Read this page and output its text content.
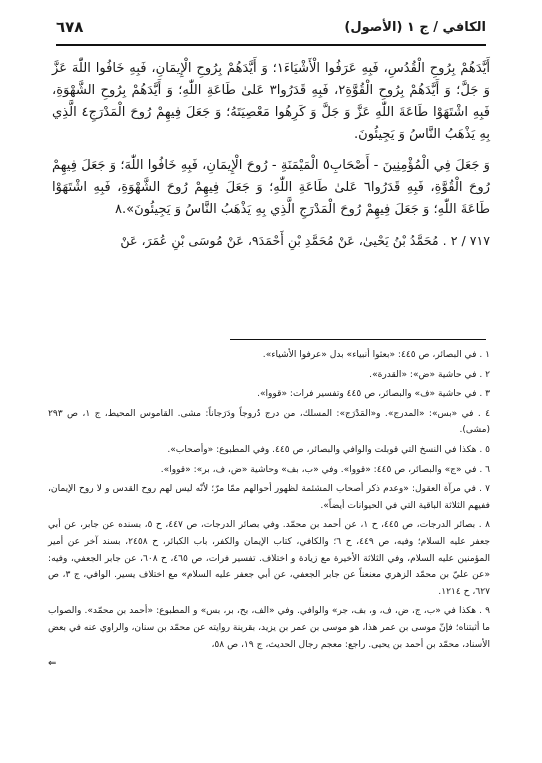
الكافي / ج ١ (الأصول)
٦٧٨

أَيَّدَهُمْ بِرُوحِ الْقُدُسِ، فَبِهِ عَرَفُوا الْأَشْيَاءَ١؛ وَ أَيَّدَهُمْ بِرُوحِ الْإِيمَانِ، فَبِهِ خَافُوا اللّٰهَ عَزَّ وَ جَلَّ؛ وَ أَيَّدَهُمْ بِرُوحِ الْقُوَّةِ٢، فَبِهِ قَدَرُوا٣ عَلىٰ طَاعَةِ اللّٰهِ؛ وَ أَيَّدَهُمْ بِرُوحِ الشَّهْوَةِ، فَبِهِ اشْتَهَوْا طَاعَةَ اللّٰهِ عَزَّ وَ جَلَّ وَ كَرِهُوا مَعْصِيَتَهُ؛ وَ جَعَلَ فِيهِمْ رُوحَ الْمَدْرَجِ٤ الَّذِي بِهِ يَذْهَبُ النَّاسُ وَ يَجِيئُونَ.

وَ جَعَلَ فِي الْمُؤْمِنِينَ - أَصْحَابِ٥ الْمَيْمَنَةِ - رُوحَ الْإِيمَانِ، فَبِهِ خَافُوا اللّٰهَ؛ وَ جَعَلَ فِيهِمْ رُوحَ الْقُوَّةِ، فَبِهِ قَدَرُوا٦ عَلىٰ طَاعَةِ اللّٰهِ؛ وَ جَعَلَ فِيهِمْ رُوحَ الشَّهْوَةِ، فَبِهِ اشْتَهَوْا طَاعَةَ اللّٰهِ؛ وَ جَعَلَ فِيهِمْ رُوحَ الْمَدْرَجِ الَّذِي بِهِ يَذْهَبُ النَّاسُ وَ يَجِيئُونَ».٨

٧١٧ / ٢ . مُحَمَّدُ بْنُ يَحْيىٰ، عَنْ مُحَمَّدِ بْنِ أَحْمَدَ٩، عَنْ مُوسَى بْنِ عُمَرَ، عَنْ
١ . في البصائر، ص ٤٤٥: «بعثوا أنبياء» بدل «عرفوا الأشياء».
٢ . في حاشية «ض»: «القدرة».
٣ . في حاشية «ف» والبصائر، ص ٤٤٥ وتفسير فرات: «قووا».
٤ . في «بس»: «المدرج». و«المَدْرَج»: المسلك، من درج دُروجاً ودَرَجاناً: مشى. القاموس المحيط، ج ١، ص ٢٩٣ (مشى).
٥ . هكذا في النسخ التي قوبلت والوافي والبصائر، ص ٤٤٥. وفي المطبوع: «وأصحاب».
٦ . في «ج» والبصائر، ص ٤٤٥: «قووا». وفي «ب، بف» وحاشية «ض، ف، بر»: «قووا».
٧ . في مرآة العقول: «وعدم ذكر أصحاب المشئمة لظهور أحوالهم ممّا مرّ؛ لأنّه ليس لهم روح القدس و لا روح الإيمان، ففيهم الثلاثة الباقية التي في الحيوانات أيضاً».
٨ . بصائر الدرجات، ص ٤٤٥، ح ١، عن أحمد بن محمّد. وفي بصائر الدرجات، ص ٤٤٧، ح ٥، بسنده عن جابر، عن أبي جعفر عليه السلام؛ وفيه، ص ٤٤٩، ح ٦؛ والكافي، كتاب الإيمان والكفر، باب الكبائر، ح ٢٤٥٨، بسند آخر عن أمير المؤمنين عليه السلام، وفي الثلاثة الأخيرة مع زيادة و اختلاف. تفسير فرات، ص ٤٦٥، ح ٦٠٨، عن جابر الجعفي، وفيه: «عن عليّ بن محمّد الزهري معنعناً عن جابر الجعفي، عن أبي جعفر عليه السلام» مع اختلاف يسير. الوافي، ج ٣، ص ٦٢٧، ح ١٢١٤.
٩ . هكذا في «ب، ج، ض، ف، و، بف، جر» والوافي. وفي «الف، بح، بر، بس» و المطبوع: «أحمد بن محمّد». والصواب ما أثبتناه؛ فإنّ موسى بن عمر هذا، هو موسى بن عمر بن يزيد، بقرينة روايته عن محمّد بن سنان، والراوي عنه في بعض الأسناد، محمّد بن أحمد بن يحيى. راجع: معجم رجال الحديث، ج ١٩، ص ٥٨،
⇐
